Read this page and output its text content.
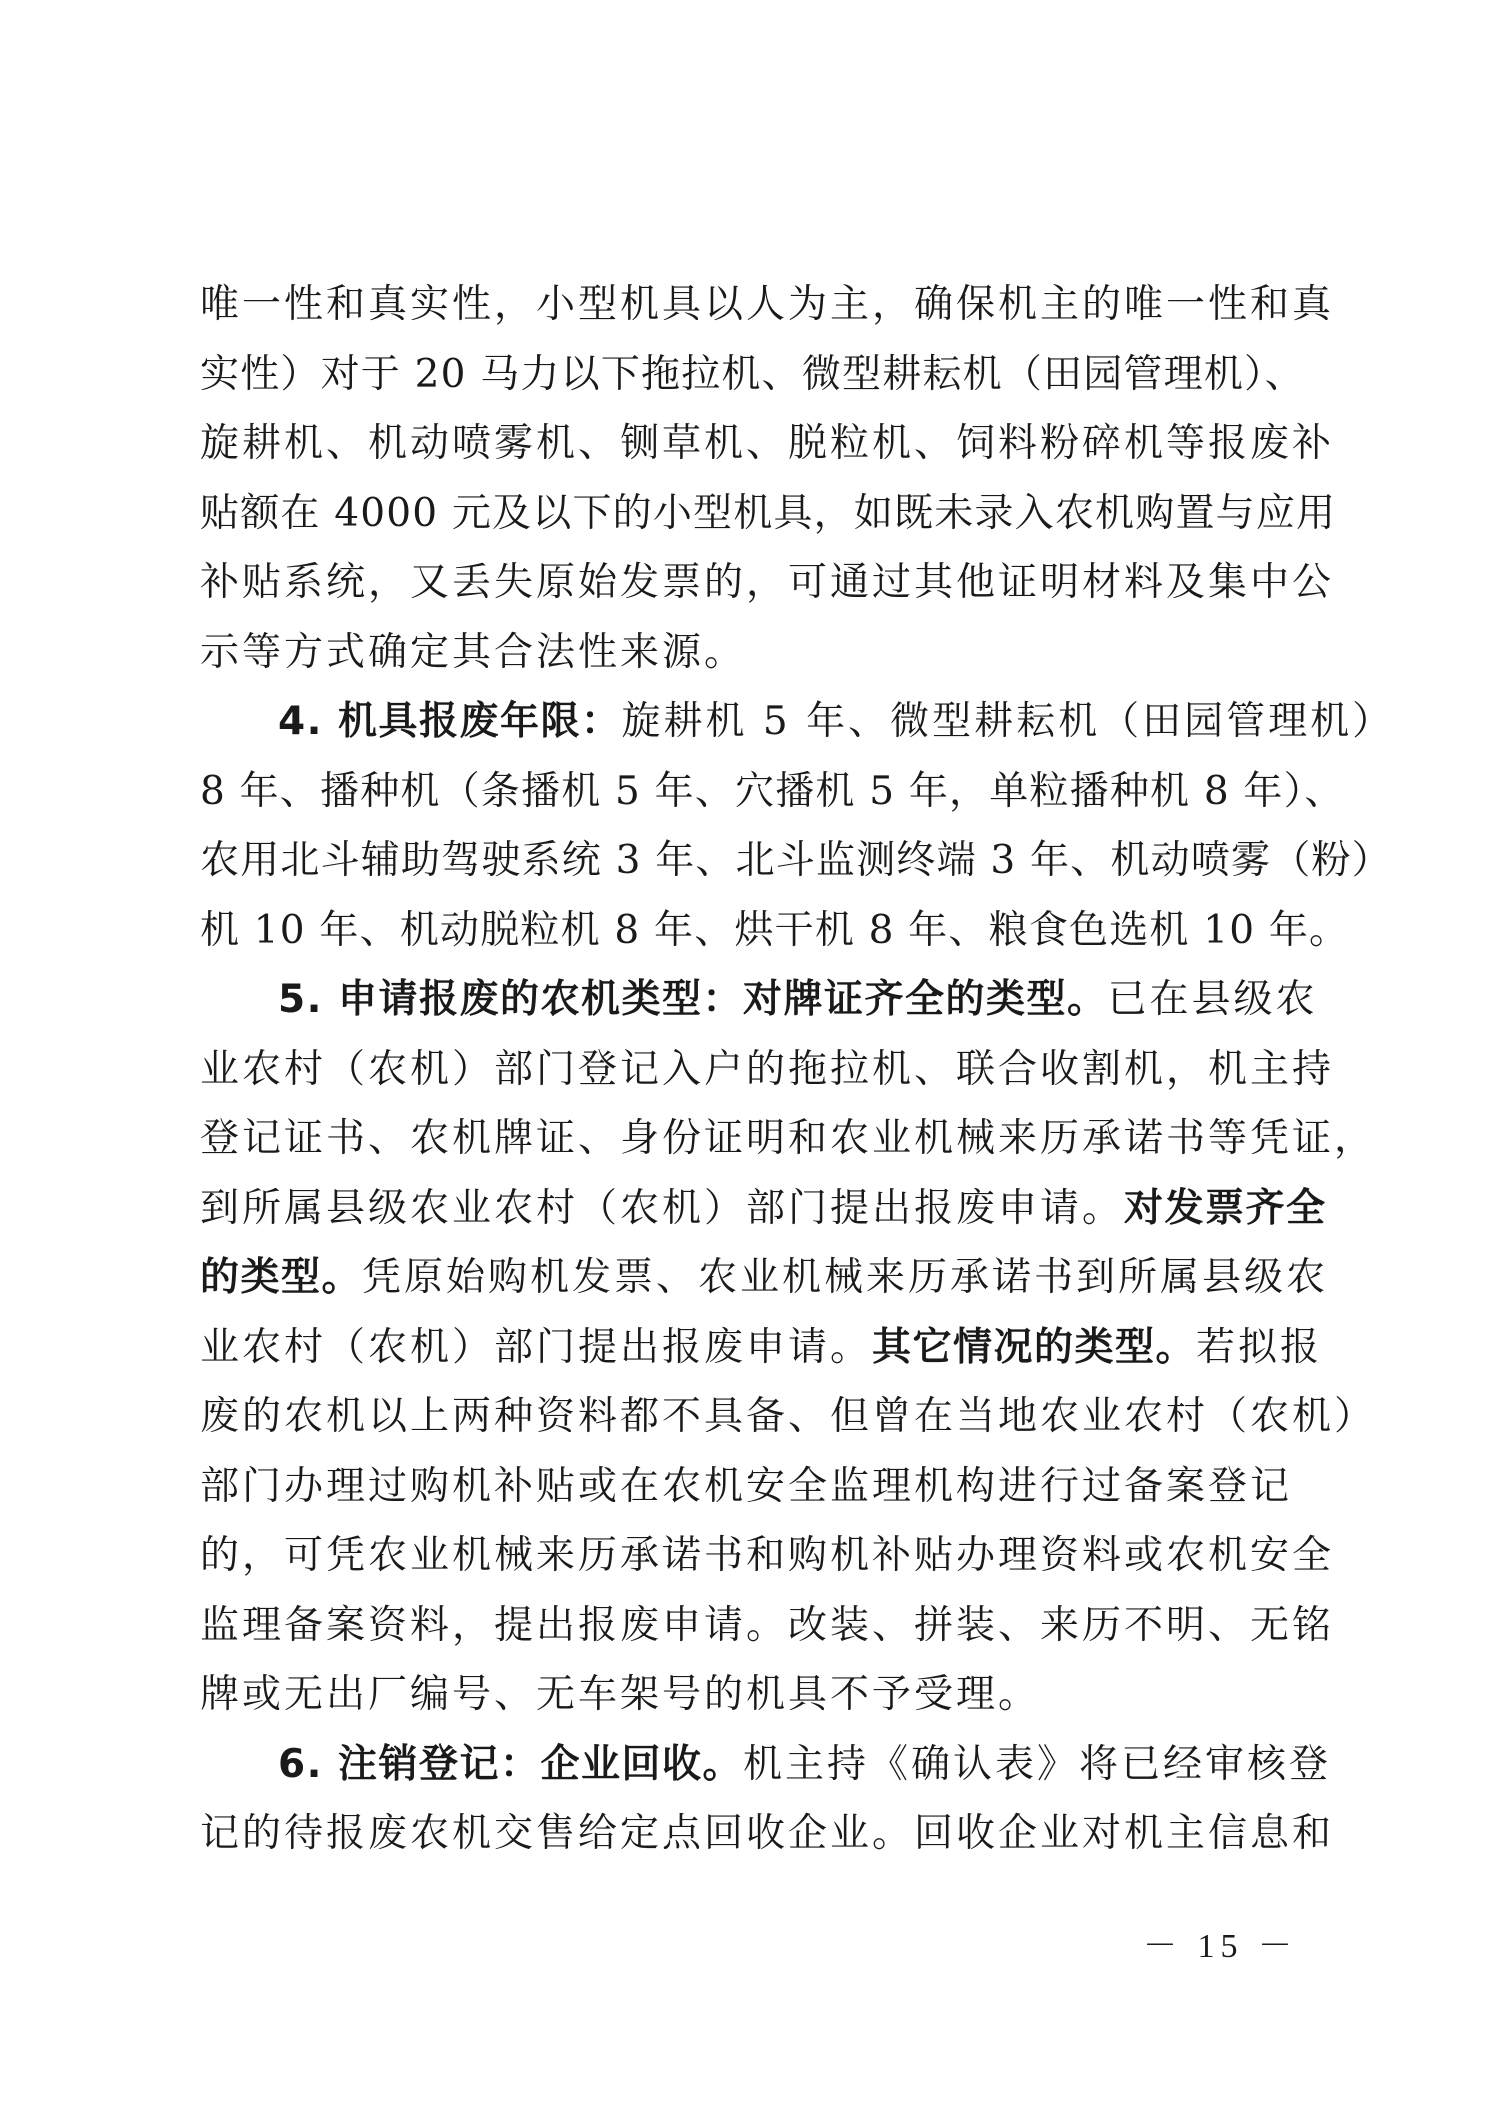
唯一性和真实性，小型机具以人为主，确保机主的唯一性和真
实性）对于 20 马力以下拖拉机、微型耕耘机（田园管理机）、
旋耕机、机动喷雾机、铡草机、脱粒机、饲料粉碎机等报废补
贴额在 4000 元及以下的小型机具，如既未录入农机购置与应用
补贴系统，又丢失原始发票的，可通过其他证明材料及集中公
示等方式确定其合法性来源。
4. 机具报废年限：旋耕机 5 年、微型耕耘机（田园管理机）
8 年、播种机（条播机 5 年、穴播机 5 年，单粒播种机 8 年）、
农用北斗辅助驾驶系统 3 年、北斗监测终端 3 年、机动喷雾（粉）
机 10 年、机动脱粒机 8 年、烘干机 8 年、粮食色选机 10 年。
5. 申请报废的农机类型：对牌证齐全的类型。已在县级农
业农村（农机）部门登记入户的拖拉机、联合收割机，机主持
登记证书、农机牌证、身份证明和农业机械来历承诺书等凭证，
到所属县级农业农村（农机）部门提出报废申请。对发票齐全
的类型。凭原始购机发票、农业机械来历承诺书到所属县级农
业农村（农机）部门提出报废申请。其它情况的类型。若拟报
废的农机以上两种资料都不具备、但曾在当地农业农村（农机）
部门办理过购机补贴或在农机安全监理机构进行过备案登记
的，可凭农业机械来历承诺书和购机补贴办理资料或农机安全
监理备案资料，提出报废申请。改装、拼装、来历不明、无铭
牌或无出厂编号、无车架号的机具不予受理。
6. 注销登记：企业回收。机主持《确认表》将已经审核登
记的待报废农机交售给定点回收企业。回收企业对机主信息和
－ 15 －
